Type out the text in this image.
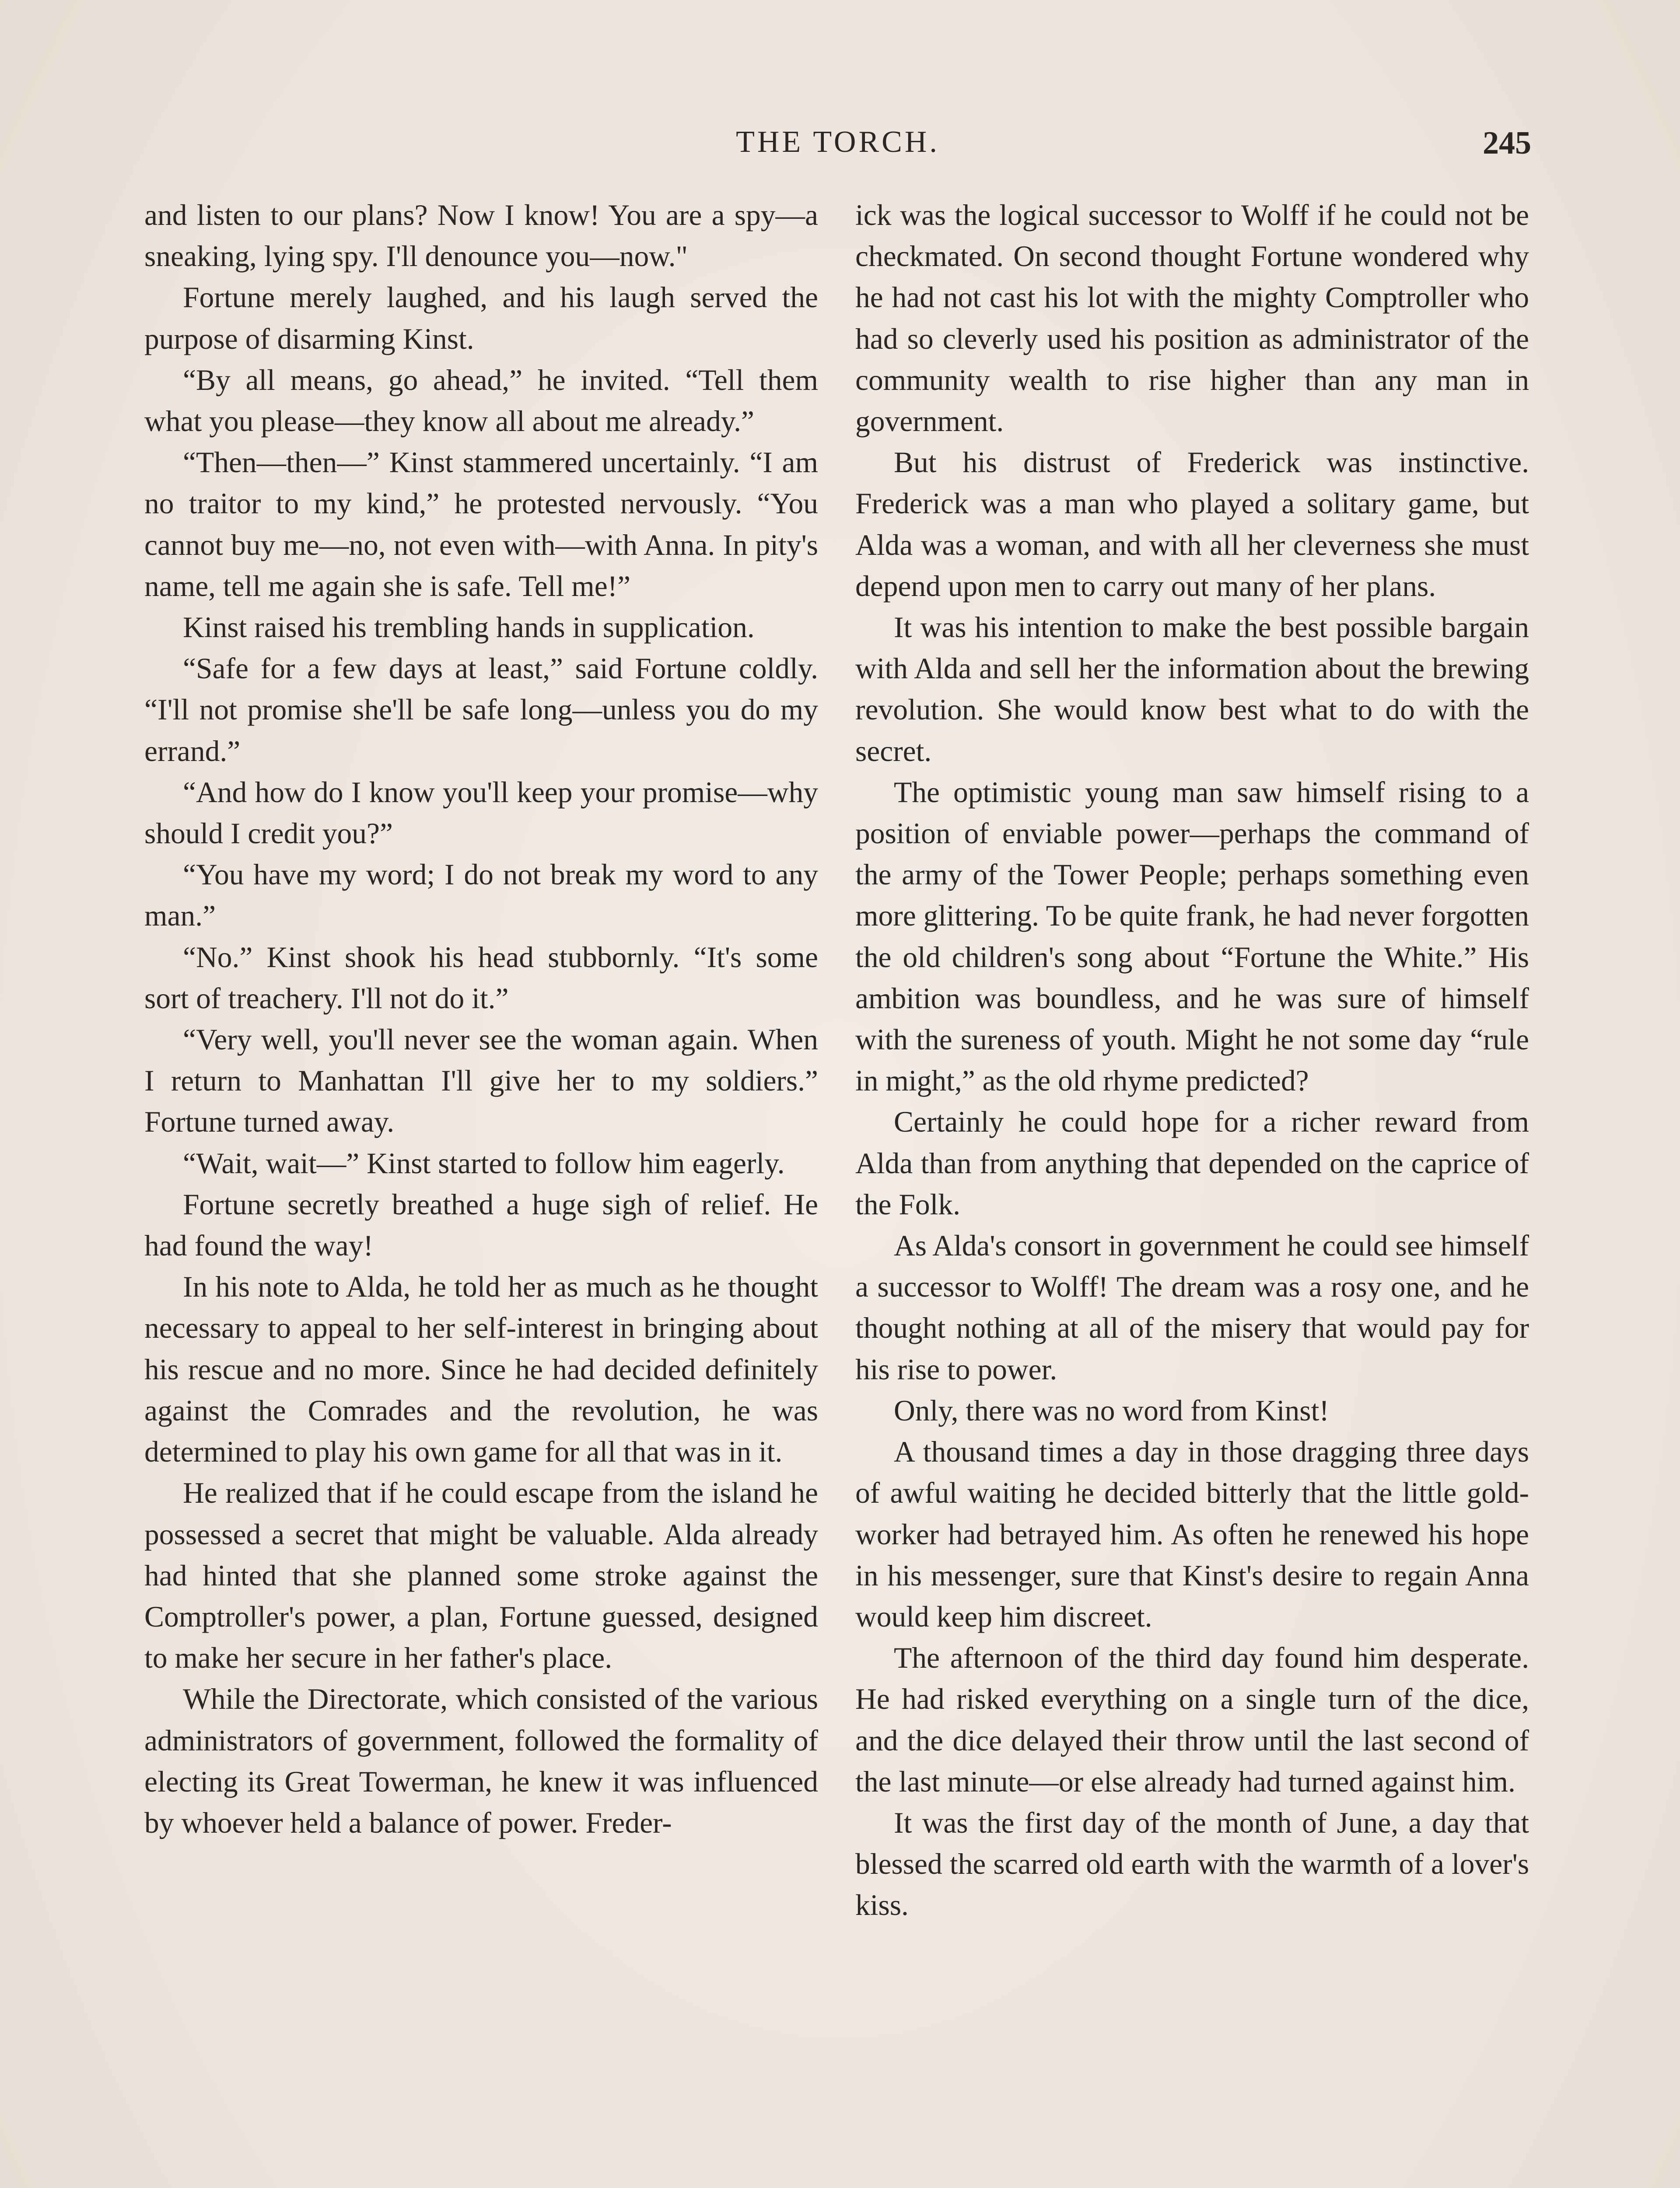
THE TORCH.	245

and listen to our plans? Now I know! You are a spy—a sneaking, lying spy. I'll denounce you—now."

Fortune merely laughed, and his laugh served the purpose of disarming Kinst.

“By all means, go ahead,” he invited. “Tell them what you please—they know all about me already.”

“Then—then—” Kinst stammered uncertainly. “I am no traitor to my kind,” he protested nervously. “You cannot buy me—no, not even with—with Anna. In pity's name, tell me again she is safe. Tell me!”

Kinst raised his trembling hands in supplication.

“Safe for a few days at least,” said Fortune coldly. “I'll not promise she'll be safe long—unless you do my errand.”

“And how do I know you'll keep your promise—why should I credit you?”

“You have my word; I do not break my word to any man.”

“No.” Kinst shook his head stubbornly. “It's some sort of treachery. I'll not do it.”

“Very well, you'll never see the woman again. When I return to Manhattan I'll give her to my soldiers.” Fortune turned away.

“Wait, wait—” Kinst started to follow him eagerly.

Fortune secretly breathed a huge sigh of relief. He had found the way!

In his note to Alda, he told her as much as he thought necessary to appeal to her self-interest in bringing about his rescue and no more. Since he had decided definitely against the Comrades and the revolution, he was determined to play his own game for all that was in it.

He realized that if he could escape from the island he possessed a secret that might be valuable. Alda already had hinted that she planned some stroke against the Comptroller's power, a plan, Fortune guessed, designed to make her secure in her father's place.

While the Directorate, which consisted of the various administrators of government, followed the formality of electing its Great Towerman, he knew it was influenced by whoever held a balance of power. Freder-

ick was the logical successor to Wolff if he could not be checkmated. On second thought Fortune wondered why he had not cast his lot with the mighty Comptroller who had so cleverly used his position as administrator of the community wealth to rise higher than any man in government.

But his distrust of Frederick was instinctive. Frederick was a man who played a solitary game, but Alda was a woman, and with all her cleverness she must depend upon men to carry out many of her plans.

It was his intention to make the best possible bargain with Alda and sell her the information about the brewing revolution. She would know best what to do with the secret.

The optimistic young man saw himself rising to a position of enviable power—perhaps the command of the army of the Tower People; perhaps something even more glittering. To be quite frank, he had never forgotten the old children's song about “Fortune the White.” His ambition was boundless, and he was sure of himself with the sureness of youth. Might he not some day “rule in might,” as the old rhyme predicted?

Certainly he could hope for a richer reward from Alda than from anything that depended on the caprice of the Folk.

As Alda's consort in government he could see himself a successor to Wolff! The dream was a rosy one, and he thought nothing at all of the misery that would pay for his rise to power.

Only, there was no word from Kinst!

A thousand times a day in those dragging three days of awful waiting he decided bitterly that the little gold-worker had betrayed him. As often he renewed his hope in his messenger, sure that Kinst's desire to regain Anna would keep him discreet.

The afternoon of the third day found him desperate. He had risked everything on a single turn of the dice, and the dice delayed their throw until the last second of the last minute—or else already had turned against him.

It was the first day of the month of June, a day that blessed the scarred old earth with the warmth of a lover's kiss.
